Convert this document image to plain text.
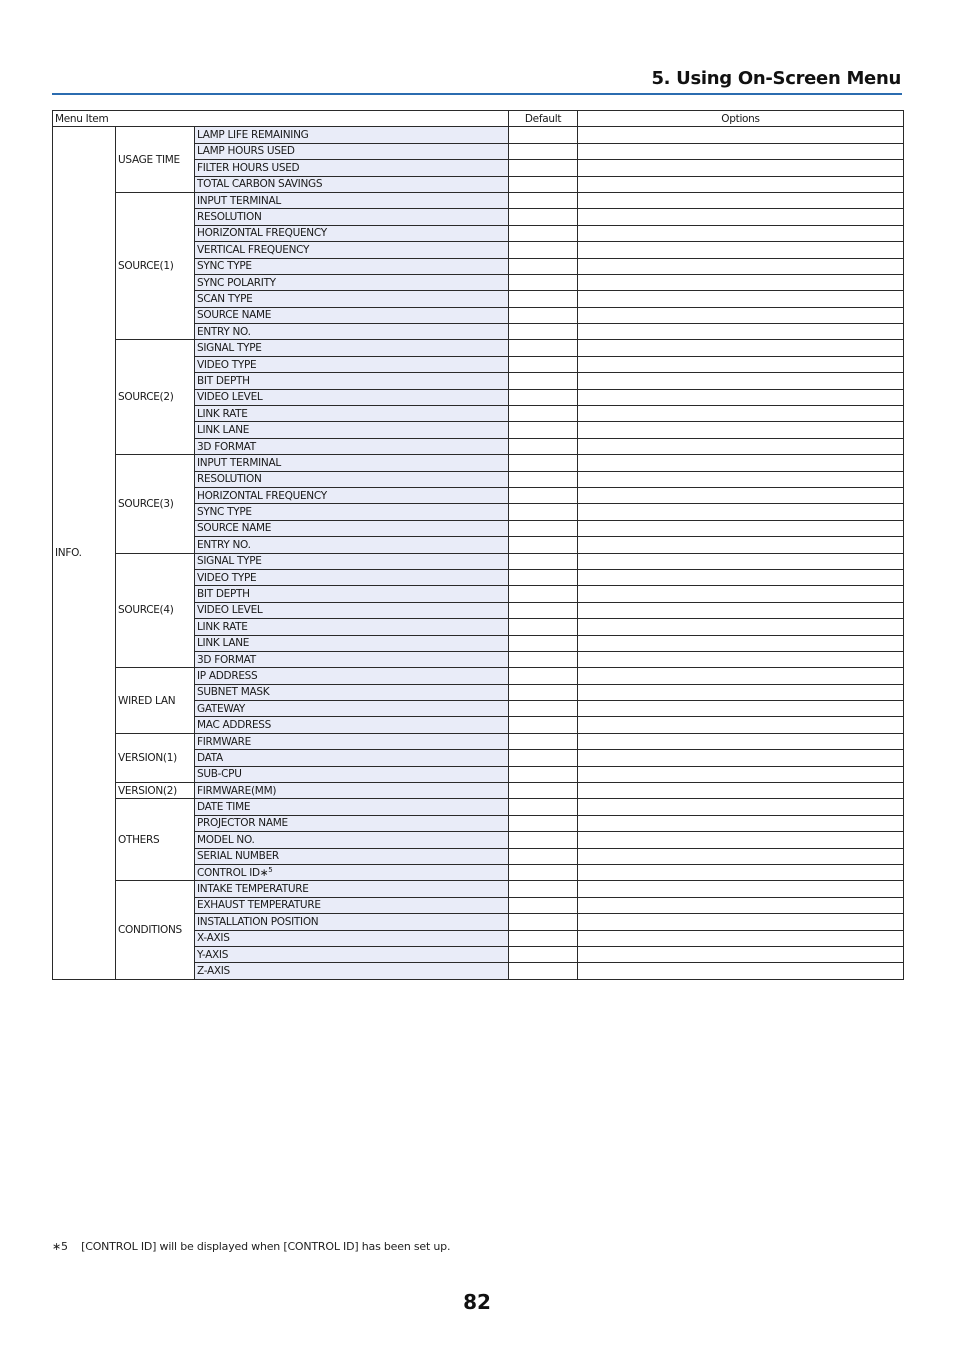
5. Using On-Screen Menu
Menu Item			Default	Options
INFO.	USAGE TIME	LAMP LIFE REMAINING		
		LAMP HOURS USED		
		FILTER HOURS USED		
		TOTAL CARBON SAVINGS		
	SOURCE(1)	INPUT TERMINAL		
		RESOLUTION		
		HORIZONTAL FREQUENCY		
		VERTICAL FREQUENCY		
		SYNC TYPE		
		SYNC POLARITY		
		SCAN TYPE		
		SOURCE NAME		
		ENTRY NO.		
	SOURCE(2)	SIGNAL TYPE		
		VIDEO TYPE		
		BIT DEPTH		
		VIDEO LEVEL		
		LINK RATE		
		LINK LANE		
		3D FORMAT		
	SOURCE(3)	INPUT TERMINAL		
		RESOLUTION		
		HORIZONTAL FREQUENCY		
		SYNC TYPE		
		SOURCE NAME		
		ENTRY NO.		
	SOURCE(4)	SIGNAL TYPE		
		VIDEO TYPE		
		BIT DEPTH		
		VIDEO LEVEL		
		LINK RATE		
		LINK LANE		
		3D FORMAT		
	WIRED LAN	IP ADDRESS		
		SUBNET MASK		
		GATEWAY		
		MAC ADDRESS		
	VERSION(1)	FIRMWARE		
		DATA		
		SUB-CPU		
	VERSION(2)	FIRMWARE(MM)		
	OTHERS	DATE TIME		
		PROJECTOR NAME		
		MODEL NO.		
		SERIAL NUMBER		
		CONTROL ID∗$^5$		
	CONDITIONS	INTAKE TEMPERATURE		
		EXHAUST TEMPERATURE		
		INSTALLATION POSITION		
		X-AXIS		
		Y-AXIS		
		Z-AXIS		
∗5 [CONTROL ID] will be displayed when [CONTROL ID] has been set up.
82
